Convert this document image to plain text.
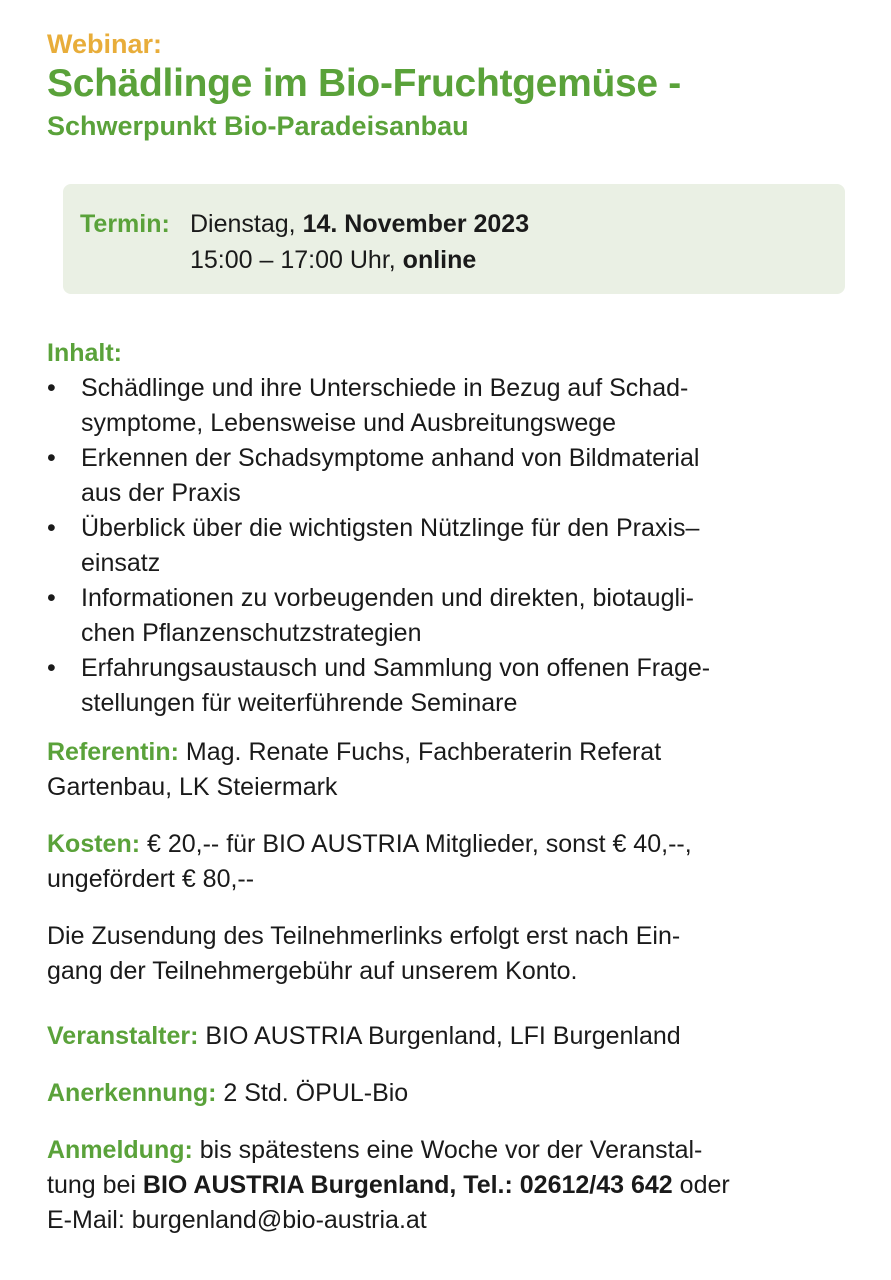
Webinar:

Schädlinge im Bio-Fruchtgemüse -
Schwerpunkt Bio-Paradeisanbau
Termin: Dienstag, 14. November 2023
15:00 – 17:00 Uhr, online
Inhalt:
• Schädlinge und ihre Unterschiede in Bezug auf Schad-
symptome, Lebensweise und Ausbreitungswege
• Erkennen der Schadsymptome anhand von Bildmaterial
aus der Praxis
• Überblick über die wichtigsten Nützlinge für den Praxis–
einsatz
• Informationen zu vorbeugenden und direkten, biotaugli-
chen Pflanzenschutzstrategien
• Erfahrungsaustausch und Sammlung von offenen Frage-
stellungen für weiterführende Seminare
Referentin: Mag. Renate Fuchs, Fachberaterin Referat
Gartenbau, LK Steiermark
Kosten: € 20,-- für BIO AUSTRIA Mitglieder, sonst € 40,--,
ungefördert € 80,--
Die Zusendung des Teilnehmerlinks erfolgt erst nach Ein-
gang der Teilnehmergebühr auf unserem Konto.
Veranstalter: BIO AUSTRIA Burgenland, LFI Burgenland
Anerkennung: 2 Std. ÖPUL-Bio
Anmeldung: bis spätestens eine Woche vor der Veranstal-
tung bei BIO AUSTRIA Burgenland, Tel.: 02612/43 642 oder
E-Mail: burgenland@bio-austria.at
